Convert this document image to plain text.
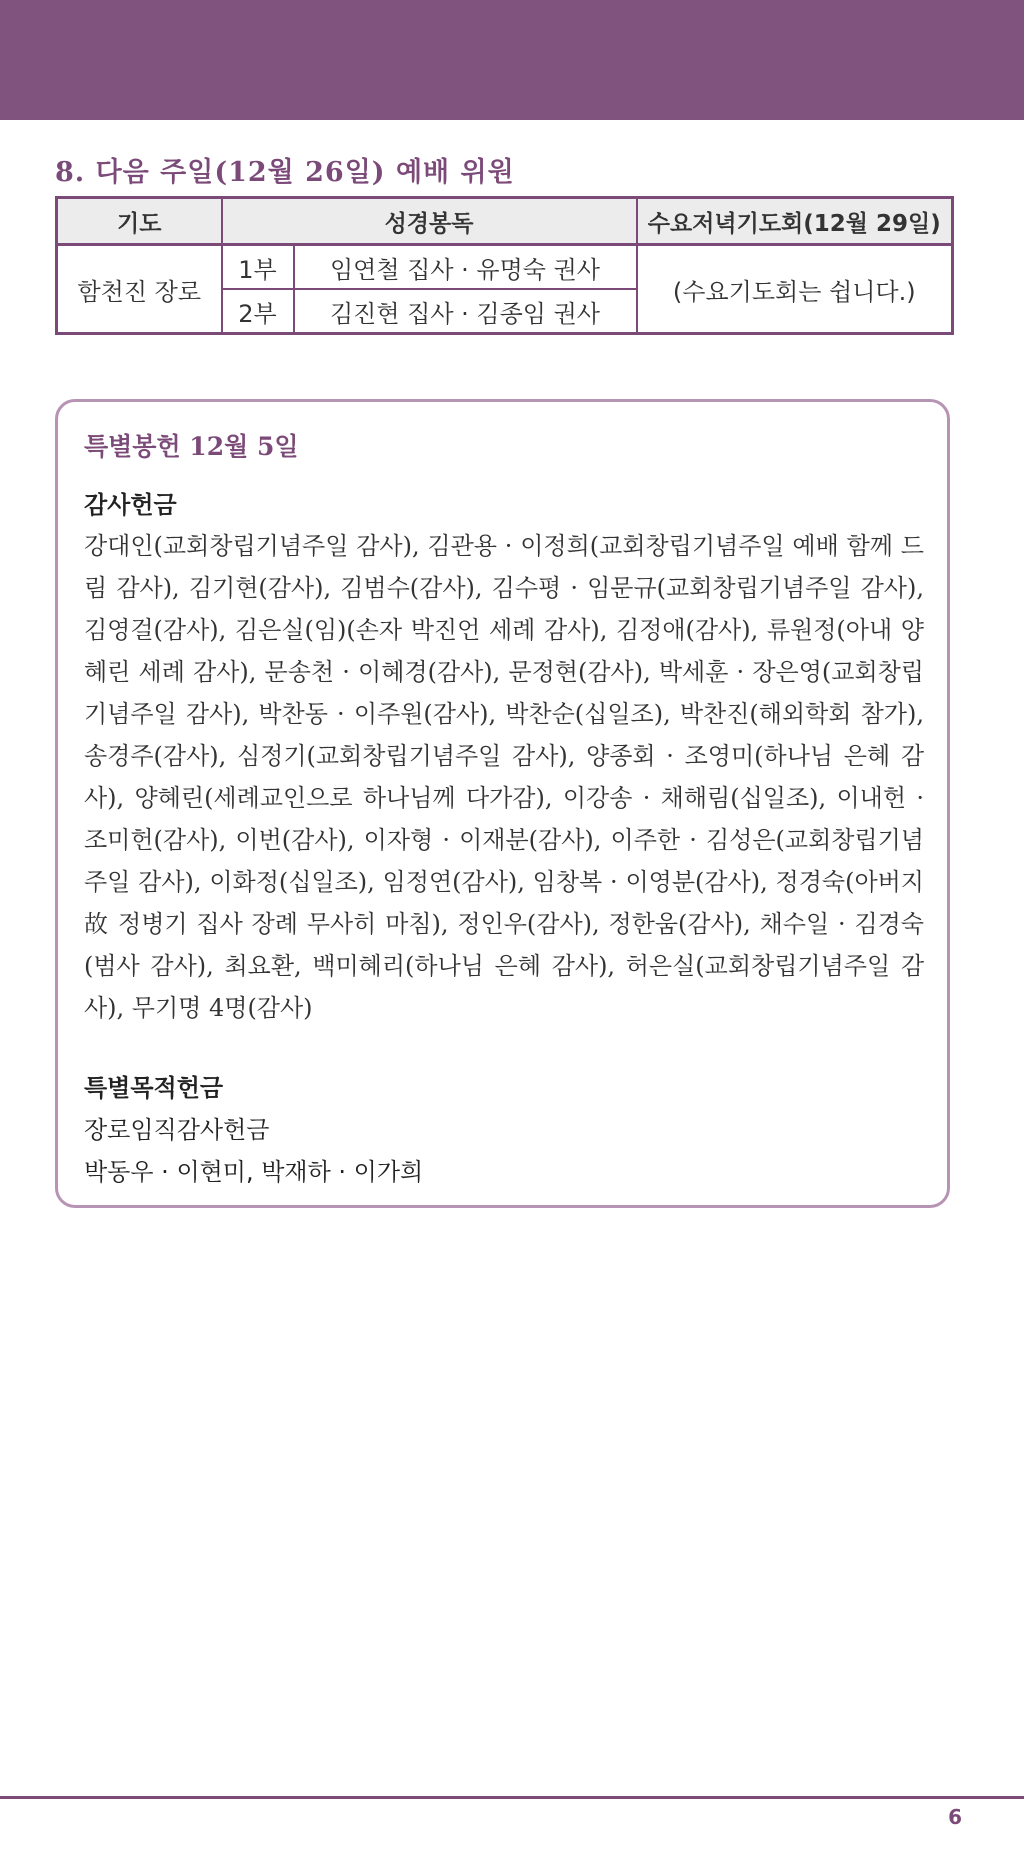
8. 다음 주일(12월 26일) 예배 위원
기도	성경봉독		수요저녁기도회(12월 29일)
함천진 장로	1부	임연철 집사 · 유명숙 권사	(수요기도회는 쉽니다.)
	2부	김진현 집사 · 김종임 권사	
특별봉헌 12월 5일

감사헌금

강대인(교회창립기념주일 감사), 김관용 · 이정희(교회창립기념주일 예배 함께 드림 감사), 김기현(감사), 김범수(감사), 김수평 · 임문규(교회창립기념주일 감사), 김영걸(감사), 김은실(임)(손자 박진언 세례 감사), 김정애(감사), 류원정(아내 양혜린 세례 감사), 문송천 · 이혜경(감사), 문정현(감사), 박세훈 · 장은영(교회창립기념주일 감사), 박찬동 · 이주원(감사), 박찬순(십일조), 박찬진(해외학회 참가), 송경주(감사), 심정기(교회창립기념주일 감사), 양종회 · 조영미(하나님 은혜 감사), 양혜린(세례교인으로 하나님께 다가감), 이강송 · 채해림(십일조), 이내헌 · 조미헌(감사), 이번(감사), 이자형 · 이재분(감사), 이주한 · 김성은(교회창립기념주일 감사), 이화정(십일조), 임정연(감사), 임창복 · 이영분(감사), 정경숙(아버지 故 정병기 집사 장례 무사히 마침), 정인우(감사), 정한움(감사), 채수일 · 김경숙(범사 감사), 최요환, 백미혜리(하나님 은혜 감사), 허은실(교회창립기념주일 감사), 무기명 4명(감사)

특별목적헌금

장로임직감사헌금

박동우 · 이현미, 박재하 · 이가희

6
